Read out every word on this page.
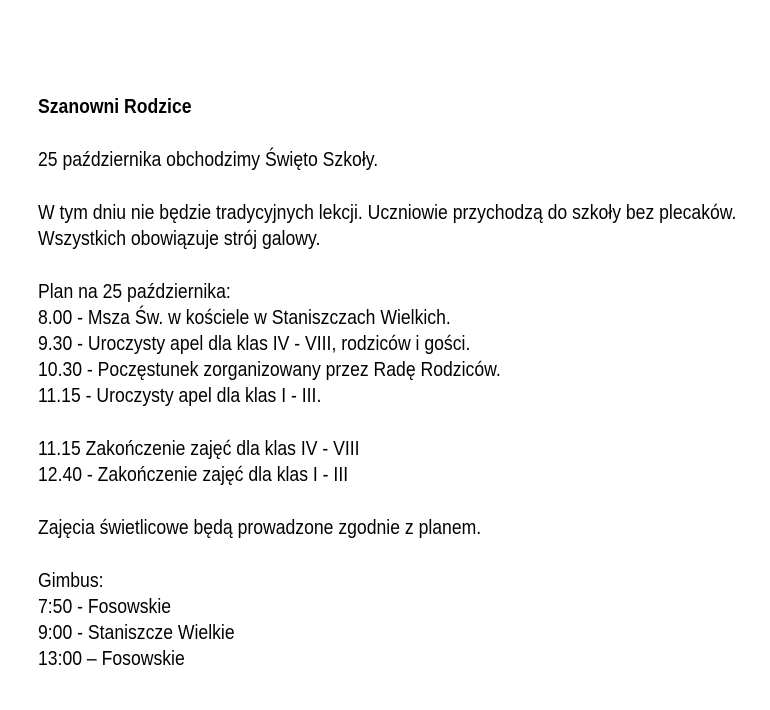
Szanowni Rodzice
25 października obchodzimy Święto Szkoły.
W tym dniu nie będzie tradycyjnych lekcji. Uczniowie przychodzą do szkoły bez plecaków.
Wszystkich obowiązuje strój galowy.
Plan na 25 października:
8.00 - Msza Św. w kościele w Staniszczach Wielkich.
9.30 - Uroczysty apel dla klas IV - VIII, rodziców i gości.
10.30 - Poczęstunek zorganizowany przez Radę Rodziców.
11.15 - Uroczysty apel dla klas I - III.
11.15 Zakończenie zajęć dla klas IV - VIII
12.40 - Zakończenie zajęć dla klas I - III
Zajęcia świetlicowe będą prowadzone zgodnie z planem.
Gimbus:
7:50 - Fosowskie
9:00 - Staniszcze Wielkie
13:00 – Fosowskie
